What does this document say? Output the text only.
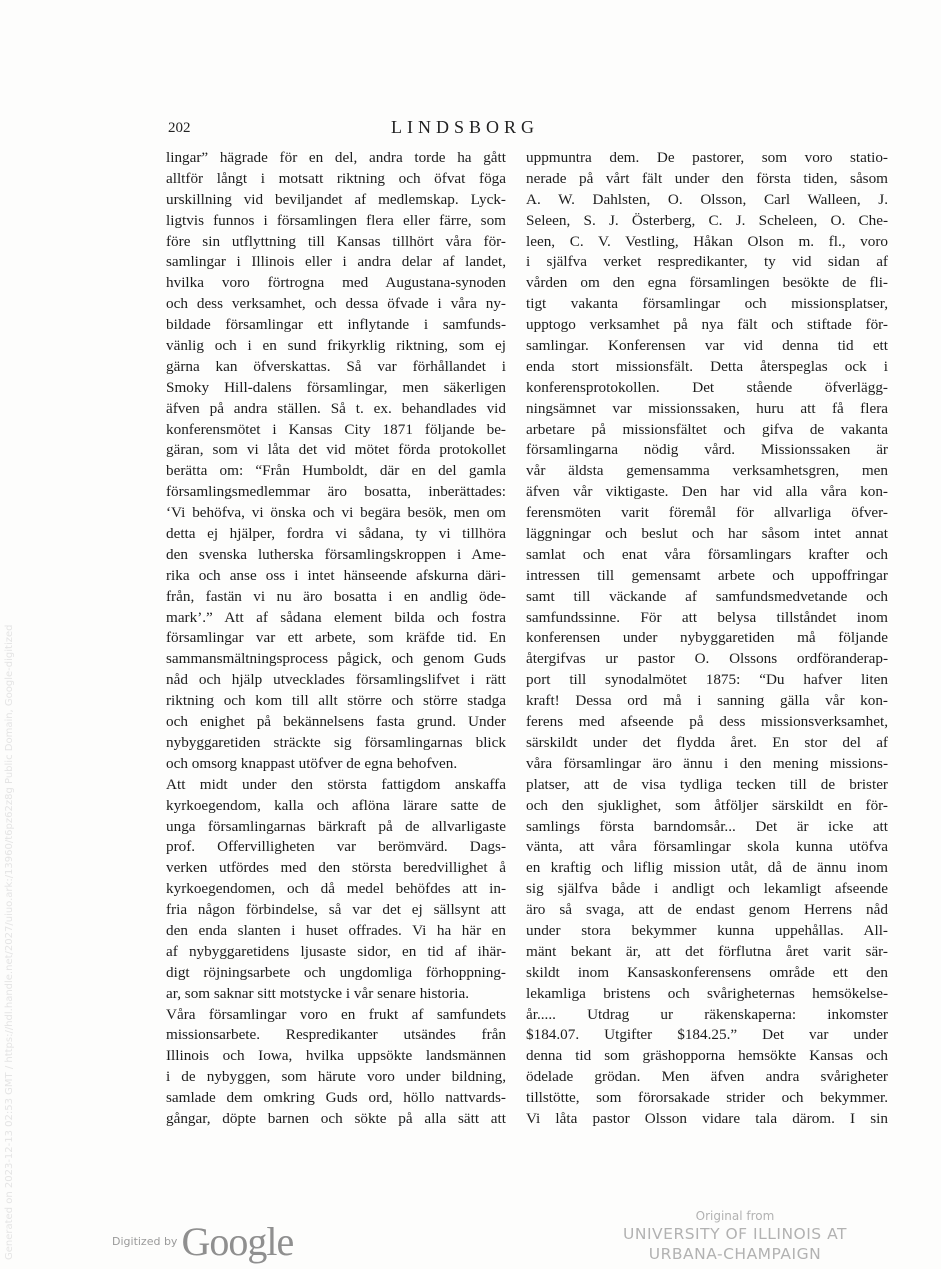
Generated on 2023-12-13 02:53 GMT / https://hdl.handle.net/2027/uiuo.ark:/13960/t6pz62z8g Public Domain, Google-digitized
202	LINDSBORG
lingar” hägrade för en del, andra torde ha gått
alltför långt i motsatt riktning och öfvat föga
urskillning vid beviljandet af medlemskap. Lyck-
ligtvis funnos i församlingen flera eller färre, som
före sin utflyttning till Kansas tillhört våra för-
samlingar i Illinois eller i andra delar af landet,
hvilka voro förtrogna med Augustana-synoden
och dess verksamhet, och dessa öfvade i våra ny-
bildade församlingar ett inflytande i samfunds-
vänlig och i en sund frikyrklig riktning, som ej
gärna kan öfverskattas. Så var förhållandet i
Smoky Hill-dalens församlingar, men säkerligen
äfven på andra ställen. Så t. ex. behandlades vid
konferensmötet i Kansas City 1871 följande be-
gäran, som vi låta det vid mötet förda protokollet
berätta om: “Från Humboldt, där en del gamla
församlingsmedlemmar äro bosatta, inberättades:
‘Vi behöfva, vi önska och vi begära besök, men om
detta ej hjälper, fordra vi sådana, ty vi tillhöra
den svenska lutherska församlingskroppen i Ame-
rika och anse oss i intet hänseende afskurna däri-
från, fastän vi nu äro bosatta i en andlig öde-
mark’.” Att af sådana element bilda och fostra
församlingar var ett arbete, som kräfde tid. En
sammansmältningsprocess pågick, och genom Guds
nåd och hjälp utvecklades församlingslifvet i rätt
riktning och kom till allt större och större stadga
och enighet på bekännelsens fasta grund. Under
nybyggaretiden sträckte sig församlingarnas blick
och omsorg knappast utöfver de egna behofven.
Att midt under den största fattigdom anskaffa
kyrkoegendom, kalla och aflöna lärare satte de
unga församlingarnas bärkraft på de allvarligaste
prof. Offervilligheten var berömvärd. Dags-
verken utfördes med den största beredvillighet å
kyrkoegendomen, och då medel behöfdes att in-
fria någon förbindelse, så var det ej sällsynt att
den enda slanten i huset offrades. Vi ha här en
af nybyggaretidens ljusaste sidor, en tid af ihär-
digt röjningsarbete och ungdomliga förhoppning-
ar, som saknar sitt motstycke i vår senare historia.
Våra församlingar voro en frukt af samfundets
missionsarbete. Respredikanter utsändes från
Illinois och Iowa, hvilka uppsökte landsmännen
i de nybyggen, som härute voro under bildning,
samlade dem omkring Guds ord, höllo nattvards-
gångar, döpte barnen och sökte på alla sätt att
uppmuntra dem. De pastorer, som voro statio-
nerade på vårt fält under den första tiden, såsom
A. W. Dahlsten, O. Olsson, Carl Walleen, J.
Seleen, S. J. Österberg, C. J. Scheleen, O. Che-
leen, C. V. Vestling, Håkan Olson m. fl., voro
i själfva verket respredikanter, ty vid sidan af
vården om den egna församlingen besökte de fli-
tigt vakanta församlingar och missionsplatser,
upptogo verksamhet på nya fält och stiftade för-
samlingar. Konferensen var vid denna tid ett
enda stort missionsfält. Detta återspeglas ock i
konferensprotokollen. Det stående öfverlägg-
ningsämnet var missionssaken, huru att få flera
arbetare på missionsfältet och gifva de vakanta
församlingarna nödig vård. Missionssaken är
vår äldsta gemensamma verksamhetsgren, men
äfven vår viktigaste. Den har vid alla våra kon-
ferensmöten varit föremål för allvarliga öfver-
läggningar och beslut och har såsom intet annat
samlat och enat våra församlingars krafter och
intressen till gemensamt arbete och uppoffringar
samt till väckande af samfundsmedvetande och
samfundssinne. För att belysa tillståndet inom
konferensen under nybyggaretiden må följande
återgifvas ur pastor O. Olssons ordföranderap-
port till synodalmötet 1875: “Du hafver liten
kraft! Dessa ord må i sanning gälla vår kon-
ferens med afseende på dess missionsverksamhet,
särskildt under det flydda året. En stor del af
våra församlingar äro ännu i den mening missions-
platser, att de visa tydliga tecken till de brister
och den sjuklighet, som åtföljer särskildt en för-
samlings första barndomsår... Det är icke att
vänta, att våra församlingar skola kunna utöfva
en kraftig och liflig mission utåt, då de ännu inom
sig själfva både i andligt och lekamligt afseende
äro så svaga, att de endast genom Herrens nåd
under stora bekymmer kunna uppehållas. All-
mänt bekant är, att det förflutna året varit sär-
skildt inom Kansaskonferensens område ett den
lekamliga bristens och svårigheternas hemsökelse-
år..... Utdrag ur räkenskaperna: inkomster
$184.07. Utgifter $184.25.” Det var under
denna tid som gräshopporna hemsökte Kansas och
ödelade grödan. Men äfven andra svårigheter
tillstötte, som förorsakade strider och bekymmer.
Vi låta pastor Olsson vidare tala därom. I sin
Digitized by Google
Original from
UNIVERSITY OF ILLINOIS AT
URBANA-CHAMPAIGN
